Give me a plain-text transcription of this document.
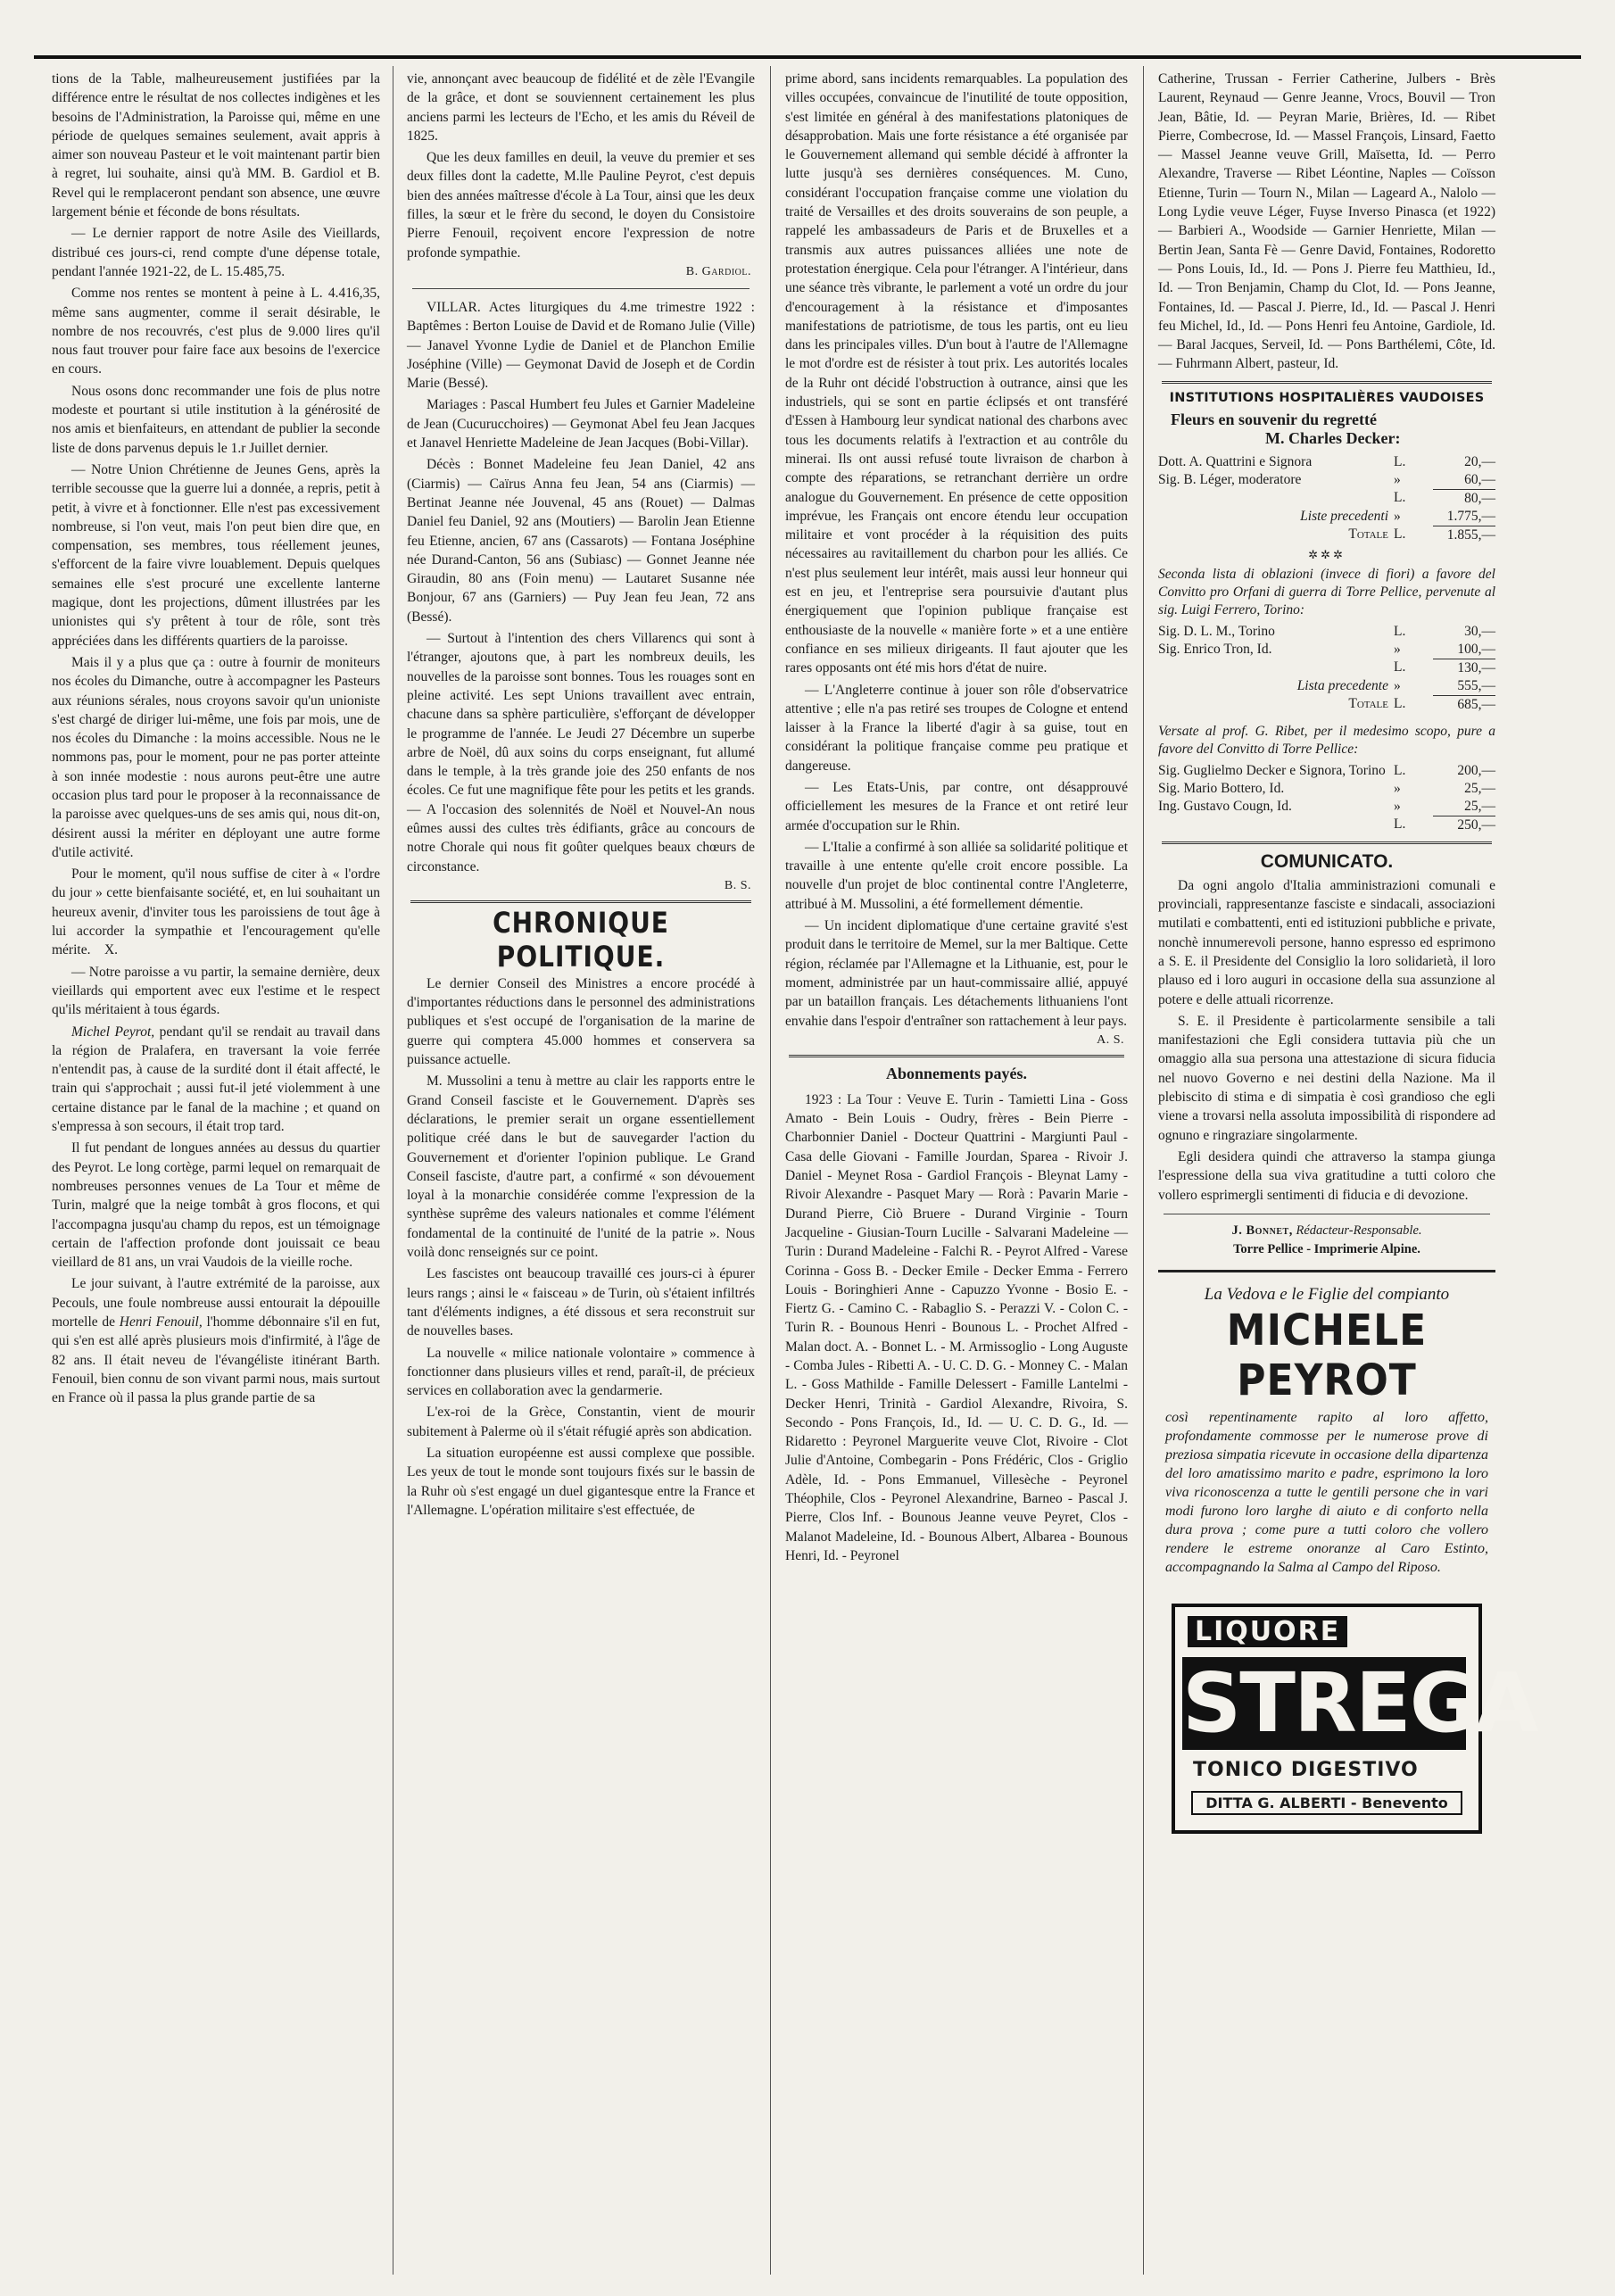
tions de la Table, malheureusement justifiées par la différence entre le résultat de nos collectes indigènes et les besoins de l'Administration, la Paroisse qui, même en une période de quelques semaines seulement, avait appris à aimer son nouveau Pasteur et le voit maintenant partir bien à regret, lui souhaite, ainsi qu'à MM. B. Gardiol et B. Revel qui le remplaceront pendant son absence, une œuvre largement bénie et féconde de bons résultats.

— Le dernier rapport de notre Asile des Vieillards, distribué ces jours-ci, rend compte d'une dépense totale, pendant l'année 1921-22, de L. 15.485,75.

Comme nos rentes se montent à peine à L. 4.416,35, même sans augmenter, comme il serait désirable, le nombre de nos recouvrés, c'est plus de 9.000 lires qu'il nous faut trouver pour faire face aux besoins de l'exercice en cours.

Nous osons donc recommander une fois de plus notre modeste et pourtant si utile institution à la générosité de nos amis et bienfaiteurs, en attendant de publier la seconde liste de dons parvenus depuis le 1.r Juillet dernier.

— Notre Union Chrétienne de Jeunes Gens, après la terrible secousse que la guerre lui a donnée, a repris, petit à petit, à vivre et à fonctionner. Elle n'est pas excessivement nombreuse, si l'on veut, mais l'on peut bien dire que, en compensation, ses membres, tous réellement jeunes, s'efforcent de la faire vivre louablement. Depuis quelques semaines elle s'est procuré une excellente lanterne magique, dont les projections, dûment illustrées par les unionistes qui s'y prêtent à tour de rôle, sont très appréciées dans les différents quartiers de la paroisse.

Mais il y a plus que ça : outre à fournir de moniteurs nos écoles du Dimanche, outre à accompagner les Pasteurs aux réunions sérales, nous croyons savoir qu'un unioniste s'est chargé de diriger lui-même, une fois par mois, une de nos écoles du Dimanche : la moins accessible. Nous ne le nommons pas, pour le moment, pour ne pas porter atteinte à son innée modestie : nous aurons peut-être une autre occasion plus tard pour le proposer à la reconnaissance de la paroisse avec quelques-uns de ses amis qui, nous dit-on, désirent aussi la mériter en déployant une autre forme d'utile activité.

Pour le moment, qu'il nous suffise de citer à « l'ordre du jour » cette bienfaisante société, et, en lui souhaitant un heureux avenir, d'inviter tous les paroissiens de tout âge à lui accorder la sympathie et l'encouragement qu'elle mérite. X.

— Notre paroisse a vu partir, la semaine dernière, deux vieillards qui emportent avec eux l'estime et le respect qu'ils méritaient à tous égards.

Michel Peyrot, pendant qu'il se rendait au travail dans la région de Pralafera, en traversant la voie ferrée n'entendit pas, à cause de la surdité dont il était affecté, le train qui s'approchait ; aussi fut-il jeté violemment à une certaine distance par le fanal de la machine ; et quand on s'empressa à son secours, il était trop tard.

Il fut pendant de longues années au dessus du quartier des Peyrot. Le long cortège, parmi lequel on remarquait de nombreuses personnes venues de La Tour et même de Turin, malgré que la neige tombât à gros flocons, et qui l'accompagna jusqu'au champ du repos, est un témoignage certain de l'affection profonde dont jouissait ce beau vieillard de 81 ans, un vrai Vaudois de la vieille roche.

Le jour suivant, à l'autre extrémité de la paroisse, aux Pecouls, une foule nombreuse aussi entourait la dépouille mortelle de Henri Fenouil, l'homme débonnaire s'il en fut, qui s'en est allé après plusieurs mois d'infirmité, à l'âge de 82 ans. Il était neveu de l'évangéliste itinérant Barth. Fenouil, bien connu de son vivant parmi nous, mais surtout en France où il passa la plus grande partie de sa

vie, annonçant avec beaucoup de fidélité et de zèle l'Evangile de la grâce, et dont se souviennent certainement les plus anciens parmi les lecteurs de l'Echo, et les amis du Réveil de 1825.

Que les deux familles en deuil, la veuve du premier et ses deux filles dont la cadette, M.lle Pauline Peyrot, c'est depuis bien des années maîtresse d'école à La Tour, ainsi que les deux filles, la sœur et le frère du second, le doyen du Consistoire Pierre Fenouil, reçoivent encore l'expression de notre profonde sympathie.

B. Gardiol.

VILLAR. Actes liturgiques du 4.me trimestre 1922 : Baptêmes : Berton Louise de David et de Romano Julie (Ville) — Janavel Yvonne Lydie de Daniel et de Planchon Emilie Joséphine (Ville) — Geymonat David de Joseph et de Cordin Marie (Bessé).

Mariages : Pascal Humbert feu Jules et Garnier Madeleine de Jean (Cucurucchoires) — Geymonat Abel feu Jean Jacques et Janavel Henriette Madeleine de Jean Jacques (Bobi-Villar).

Décès : Bonnet Madeleine feu Jean Daniel, 42 ans (Ciarmis) — Caïrus Anna feu Jean, 54 ans (Ciarmis) — Bertinat Jeanne née Jouvenal, 45 ans (Rouet) — Dalmas Daniel feu Daniel, 92 ans (Moutiers) — Barolin Jean Etienne feu Etienne, ancien, 67 ans (Cassarots) — Fontana Joséphine née Durand-Canton, 56 ans (Subiasc) — Gonnet Jeanne née Giraudin, 80 ans (Foin menu) — Lautaret Susanne née Bonjour, 67 ans (Garniers) — Puy Jean feu Jean, 72 ans (Bessé).

— Surtout à l'intention des chers Villarencs qui sont à l'étranger, ajoutons que, à part les nombreux deuils, les nouvelles de la paroisse sont bonnes. Tous les rouages sont en pleine activité. Les sept Unions travaillent avec entrain, chacune dans sa sphère particulière, s'efforçant de développer le programme de l'année. Le Jeudi 27 Décembre un superbe arbre de Noël, dû aux soins du corps enseignant, fut allumé dans le temple, à la très grande joie des 250 enfants de nos écoles. Ce fut une magnifique fête pour les petits et les grands. — A l'occasion des solennités de Noël et Nouvel-An nous eûmes aussi des cultes très édifiants, grâce au concours de notre Chorale qui nous fit goûter quelques beaux chœurs de circonstance.

B. S.
CHRONIQUE POLITIQUE.

Le dernier Conseil des Ministres a encore procédé à d'importantes réductions dans le personnel des administrations publiques et s'est occupé de l'organisation de la marine de guerre qui comptera 45.000 hommes et conservera sa puissance actuelle.

M. Mussolini a tenu à mettre au clair les rapports entre le Grand Conseil fasciste et le Gouvernement. D'après ses déclarations, le premier serait un organe essentiellement politique créé dans le but de sauvegarder l'action du Gouvernement et d'orienter l'opinion publique. Le Grand Conseil fasciste, d'autre part, a confirmé « son dévouement loyal à la monarchie considérée comme l'expression de la synthèse suprême des valeurs nationales et comme l'élément fondamental de la continuité de l'unité de la patrie ». Nous voilà donc renseignés sur ce point.

Les fascistes ont beaucoup travaillé ces jours-ci à épurer leurs rangs ; ainsi le « faisceau » de Turin, où s'étaient infiltrés tant d'éléments indignes, a été dissous et sera reconstruit sur de nouvelles bases.

La nouvelle « milice nationale volontaire » commence à fonctionner dans plusieurs villes et rend, paraît-il, de précieux services en collaboration avec la gendarmerie.

L'ex-roi de la Grèce, Constantin, vient de mourir subitement à Palerme où il s'était réfugié après son abdication.

La situation européenne est aussi complexe que possible. Les yeux de tout le monde sont toujours fixés sur le bassin de la Ruhr où s'est engagé un duel gigantesque entre la France et l'Allemagne. L'opération militaire s'est effectuée, de

prime abord, sans incidents remarquables. La population des villes occupées, convaincue de l'inutilité de toute opposition, s'est limitée en général à des manifestations platoniques de désapprobation. Mais une forte résistance a été organisée par le Gouvernement allemand qui semble décidé à affronter la lutte jusqu'à ses dernières conséquences. M. Cuno, considérant l'occupation française comme une violation du traité de Versailles et des droits souverains de son peuple, a rappelé les ambassadeurs de Paris et de Bruxelles et a transmis aux autres puissances alliées une note de protestation énergique. Cela pour l'étranger. A l'intérieur, dans une séance très vibrante, le parlement a voté un ordre du jour d'encouragement à la résistance et d'imposantes manifestations de patriotisme, de tous les partis, ont eu lieu dans les principales villes. D'un bout à l'autre de l'Allemagne le mot d'ordre est de résister à tout prix. Les autorités locales de la Ruhr ont décidé l'obstruction à outrance, ainsi que les industriels, qui se sont en partie éclipsés et ont transféré d'Essen à Hambourg leur syndicat national des charbons avec tous les documents relatifs à l'extraction et au contrôle du minerai. Ils ont aussi refusé toute livraison de charbon à compte des réparations, se retranchant derrière un ordre analogue du Gouvernement. En présence de cette opposition imprévue, les Français ont encore étendu leur occupation militaire et vont procéder à la réquisition des puits nécessaires au ravitaillement du charbon pour les alliés. Ce n'est plus seulement leur intérêt, mais aussi leur honneur qui est en jeu, et l'entreprise sera poursuivie d'autant plus énergiquement que l'opinion publique française est enthousiaste de la nouvelle « manière forte » et a une entière confiance en ses milieux dirigeants. Il faut ajouter que les rares opposants ont été mis hors d'état de nuire.

— L'Angleterre continue à jouer son rôle d'observatrice attentive ; elle n'a pas retiré ses troupes de Cologne et entend laisser à la France la liberté d'agir à sa guise, tout en considérant la politique française comme peu pratique et dangereuse.

— Les Etats-Unis, par contre, ont désapprouvé officiellement les mesures de la France et ont retiré leur armée d'occupation sur le Rhin.

— L'Italie a confirmé à son alliée sa solidarité politique et travaille à une entente qu'elle croit encore possible. La nouvelle d'un projet de bloc continental contre l'Angleterre, attribué à M. Mussolini, a été formellement démentie.

— Un incident diplomatique d'une certaine gravité s'est produit dans le territoire de Memel, sur la mer Baltique. Cette région, réclamée par l'Allemagne et la Lithuanie, est, pour le moment, administrée par un haut-commissaire allié, appuyé par un bataillon français. Les détachements lithuaniens l'ont envahie dans l'espoir d'entraîner son rattachement à leur pays.

A. S.
Abonnements payés.

1923 : La Tour : Veuve E. Turin - Tamietti Lina - Goss Amato - Bein Louis - Oudry, frères - Bein Pierre - Charbonnier Daniel - Docteur Quattrini - Margiunti Paul - Casa delle Giovani - Famille Jourdan, Sparea - Rivoir J. Daniel - Meynet Rosa - Gardiol François - Bleynat Lamy - Rivoir Alexandre - Pasquet Mary — Rorà : Pavarin Marie - Durand Pierre, Ciò Bruere - Durand Virginie - Tourn Jacqueline - Giusian-Tourn Lucille - Salvarani Madeleine — Turin : Durand Madeleine - Falchi R. - Peyrot Alfred - Varese Corinna - Goss B. - Decker Emile - Decker Emma - Ferrero Louis - Boringhieri Anne - Capuzzo Yvonne - Bosio E. - Fiertz G. - Camino C. - Rabaglio S. - Perazzi V. - Colon C. - Turin R. - Bounous Henri - Bounous L. - Prochet Alfred - Malan doct. A. - Bonnet L. - M. Armissoglio - Long Auguste - Comba Jules - Ribetti A. - U. C. D. G. - Monney C. - Malan L. - Goss Mathilde - Famille Delessert - Famille Lantelmi - Decker Henri, Trinità - Gardiol Alexandre, Rivoira, S. Secondo - Pons François, Id., Id. — U. C. D. G., Id. — Ridaretto : Peyronel Marguerite veuve Clot, Rivoire - Clot Julie d'Antoine, Combegarin - Pons Frédéric, Clos - Griglio Adèle, Id. - Pons Emmanuel, Villesèche - Peyronel Théophile, Clos - Peyronel Alexandrine, Barneo - Pascal J. Pierre, Clos Inf. - Bounous Jeanne veuve Peyret, Clos - Malanot Madeleine, Id. - Bounous Albert, Albarea - Bounous Henri, Id. - Peyronel

Catherine, Trussan - Ferrier Catherine, Julbers - Brès Laurent, Reynaud — Genre Jeanne, Vrocs, Bouvil — Tron Jean, Bâtie, Id. — Peyran Marie, Brières, Id. — Ribet Pierre, Combecrose, Id. — Massel François, Linsard, Faetto — Massel Jeanne veuve Grill, Maïsetta, Id. — Perro Alexandre, Traverse — Ribet Léontine, Naples — Coïsson Etienne, Turin — Tourn N., Milan — Lageard A., Nalolo — Long Lydie veuve Léger, Fuyse Inverso Pinasca (et 1922) — Barbieri A., Woodside — Garnier Henriette, Milan — Bertin Jean, Santa Fè — Genre David, Fontaines, Rodoretto — Pons Louis, Id., Id. — Pons J. Pierre feu Matthieu, Id., Id. — Tron Benjamin, Champ du Clot, Id. — Pons Jeanne, Fontaines, Id. — Pascal J. Pierre, Id., Id. — Pascal J. Henri feu Michel, Id., Id. — Pons Henri feu Antoine, Gardiole, Id. — Baral Jacques, Serveil, Id. — Pons Barthélemi, Côte, Id. — Fuhrmann Albert, pasteur, Id.

INSTITUTIONS HOSPITALIÈRES VAUDOISES
Fleurs en souvenir du regretté
M. Charles Decker:
Dott. A. Quattrini e Signora	L.	20,—
Sig. B. Léger, moderatore	»	60,—
	L.	80,—
Liste precedenti	»	1.775,—
Totale	L.	1.855,—
✲✲✲
Seconda lista di oblazioni (invece di fiori) a favore del Convitto pro Orfani di guerra di Torre Pellice, pervenute al sig. Luigi Ferrero, Torino:
Sig. D. L. M., Torino	L.	30,—
Sig. Enrico Tron, Id.	»	100,—
	L.	130,—
Lista precedente	»	555,—
Totale	L.	685,—
Versate al prof. G. Ribet, per il medesimo scopo, pure a favore del Convitto di Torre Pellice:
Sig. Guglielmo Decker e Signora, Torino	L.	200,—
Sig. Mario Bottero, Id.	»	25,—
Ing. Gustavo Cougn, Id.	»	25,—
	L.	250,—
COMUNICATO.

Da ogni angolo d'Italia amministrazioni comunali e provinciali, rappresentanze fasciste e sindacali, associazioni mutilati e combattenti, enti ed istituzioni pubbliche e private, nonchè innumerevoli persone, hanno espresso ed esprimono a S. E. il Presidente del Consiglio la loro solidarietà, il loro plauso ed i loro auguri in occasione della sua assunzione al potere e delle attuali ricorrenze.

S. E. il Presidente è particolarmente sensibile a tali manifestazioni che Egli considera tuttavia più che un omaggio alla sua persona una attestazione di sicura fiducia nel nuovo Governo e nei destini della Nazione. Ma il plebiscito di stima e di simpatia è così grandioso che egli viene a trovarsi nella assoluta impossibilità di rispondere ad ognuno e ringraziare singolarmente.

Egli desidera quindi che attraverso la stampa giunga l'espressione della sua viva gratitudine a tutti coloro che vollero esprimergli sentimenti di fiducia e di devozione.

J. Bonnet, Rédacteur-Responsable.
Torre Pellice - Imprimerie Alpine.
La Vedova e le Figlie del compianto
MICHELE PEYROT
così repentinamente rapito al loro affetto, profondamente commosse per le numerose prove di preziosa simpatia ricevute in occasione della dipartenza del loro amatissimo marito e padre, esprimono la loro viva riconoscenza a tutte le gentili persone che in vari modi furono loro larghe di aiuto e di conforto nella dura prova ; come pure a tutti coloro che vollero rendere le estreme onoranze al Caro Estinto, accompagnando la Salma al Campo del Riposo.
LIQUORE
STREGA
TONICO DIGESTIVO
DITTA G. ALBERTI - Benevento
